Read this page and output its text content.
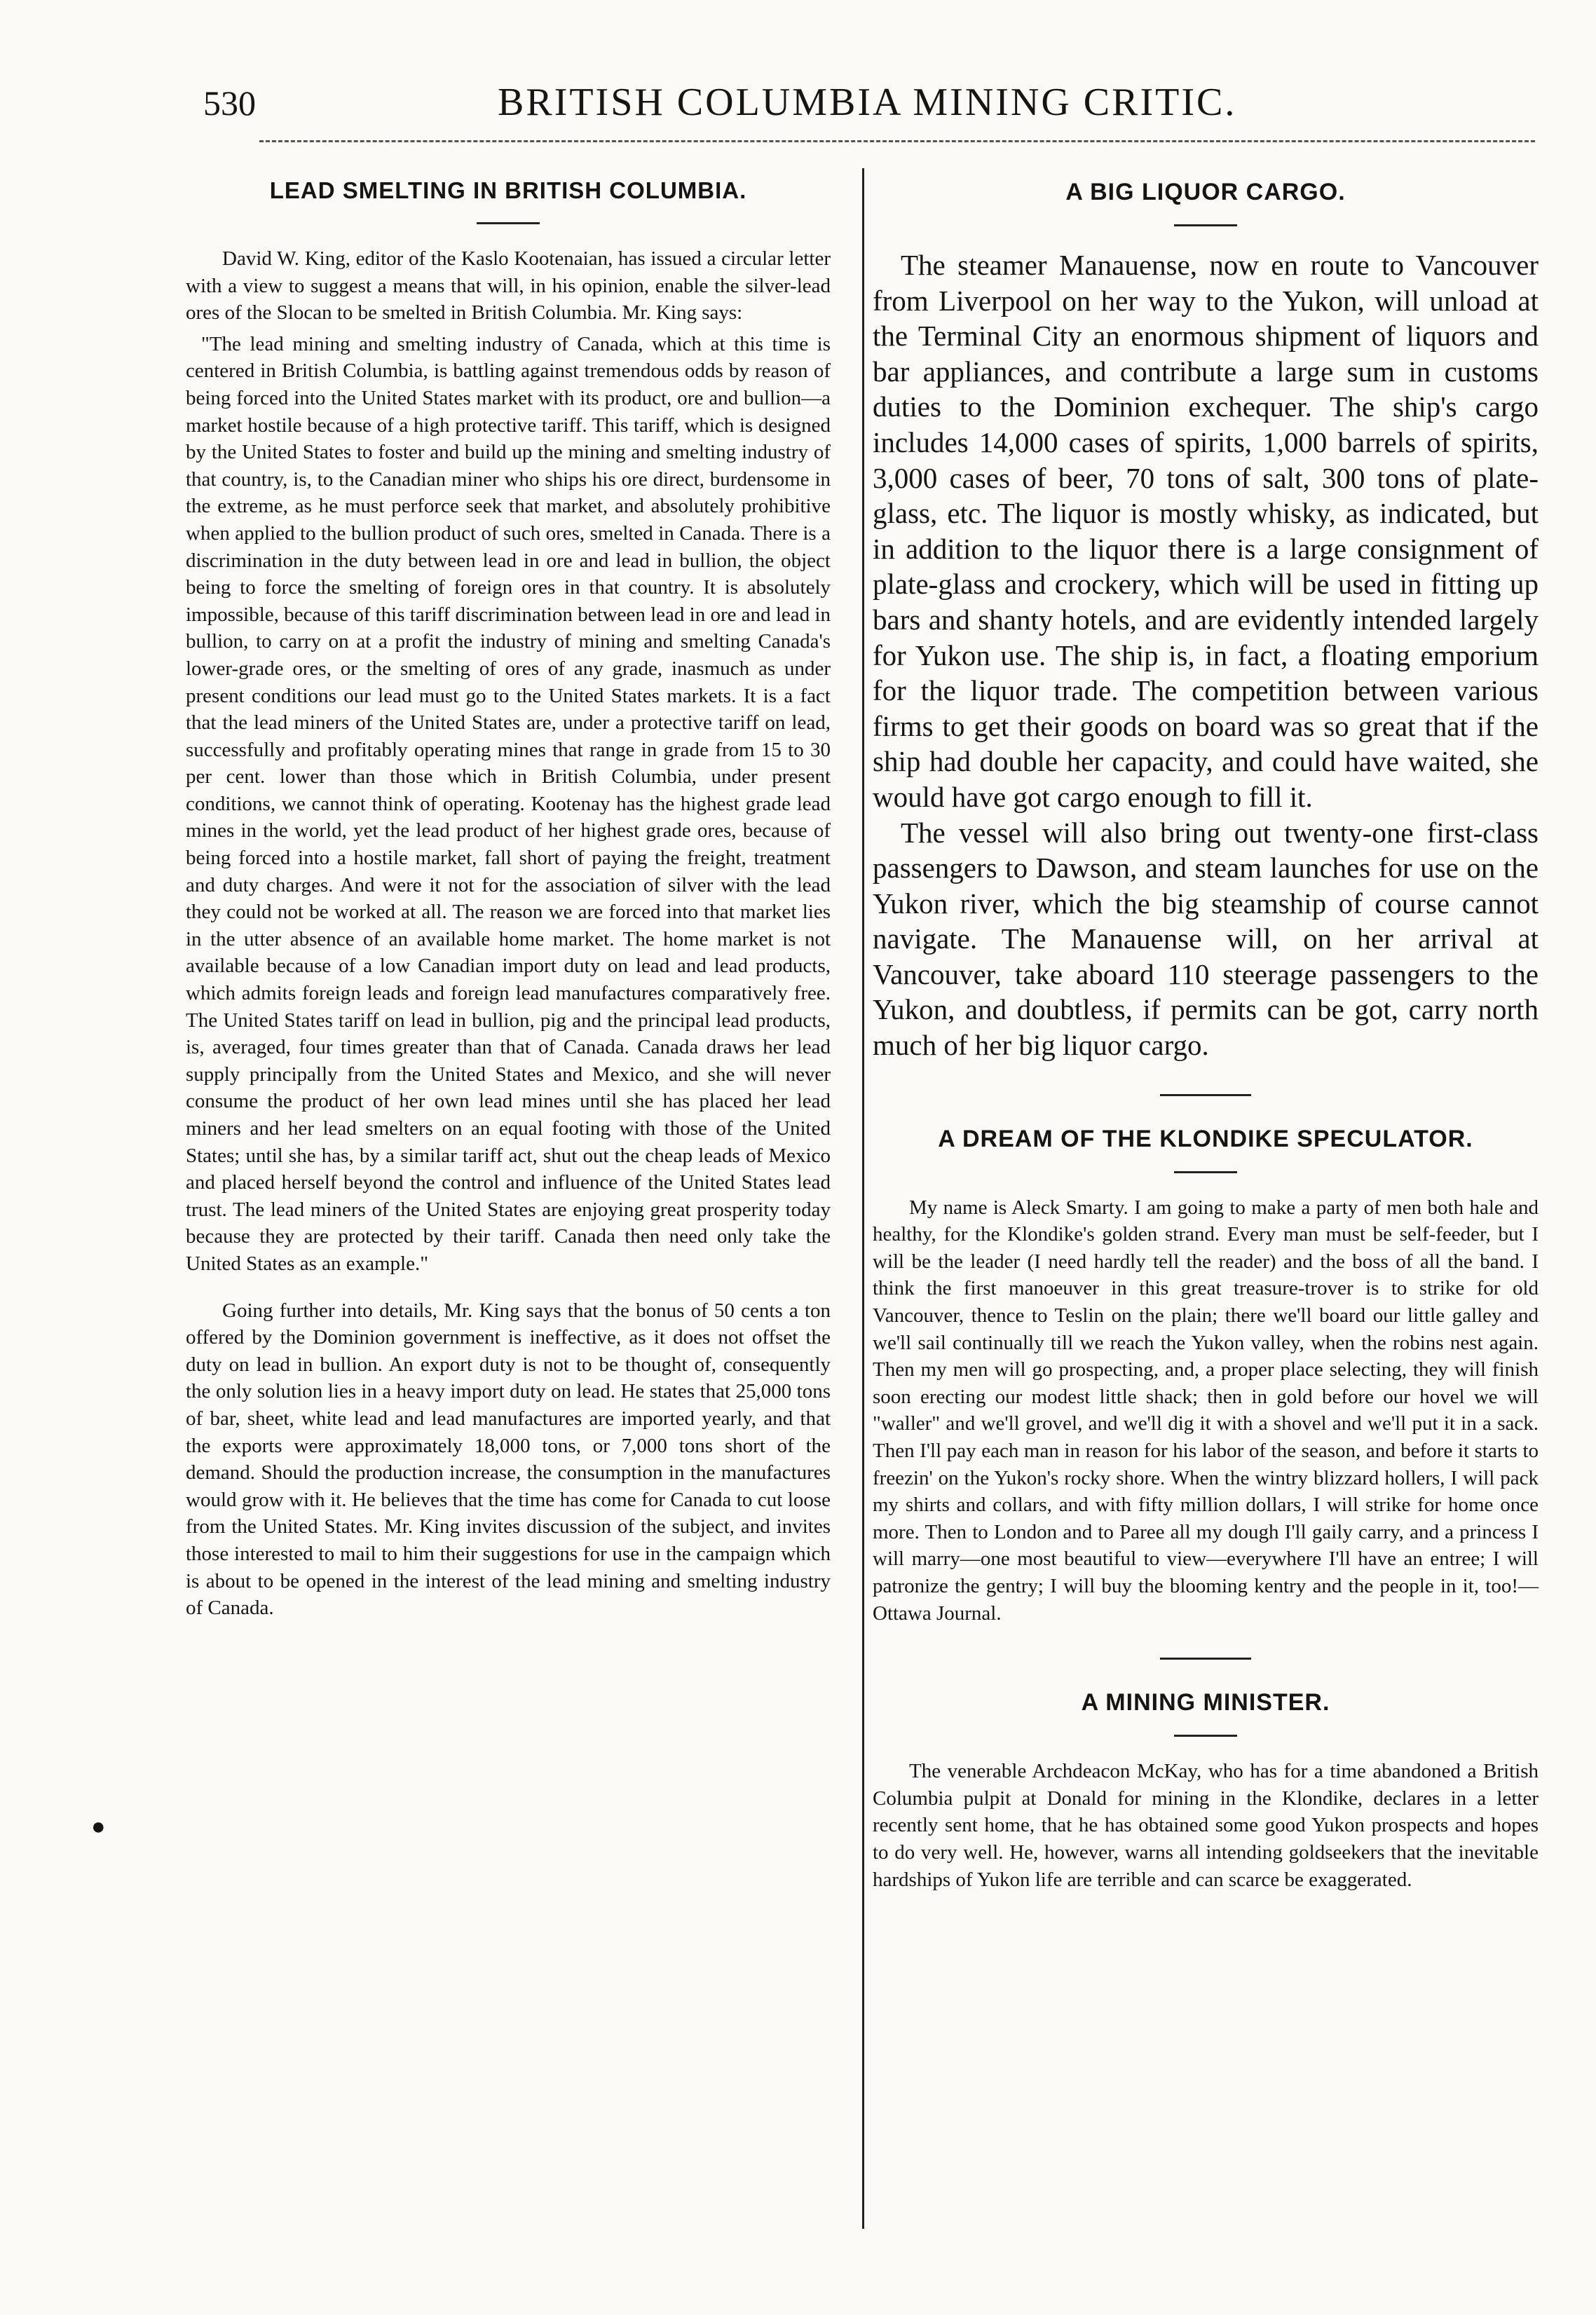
530	BRITISH COLUMBIA MINING CRITIC.
LEAD SMELTING IN BRITISH COLUMBIA.

David W. King, editor of the Kaslo Kootenaian, has issued a circular letter with a view to suggest a means that will, in his opinion, enable the silver-lead ores of the Slocan to be smelted in British Columbia. Mr. King says:

"The lead mining and smelting industry of Canada, which at this time is centered in British Columbia, is battling against tremendous odds by reason of being forced into the United States market with its product, ore and bullion—a market hostile because of a high protective tariff. This tariff, which is designed by the United States to foster and build up the mining and smelting industry of that country, is, to the Canadian miner who ships his ore direct, burdensome in the extreme, as he must perforce seek that market, and absolutely prohibitive when applied to the bullion product of such ores, smelted in Canada. There is a discrimination in the duty between lead in ore and lead in bullion, the object being to force the smelting of foreign ores in that country. It is absolutely impossible, because of this tariff discrimination between lead in ore and lead in bullion, to carry on at a profit the industry of mining and smelting Canada's lower-grade ores, or the smelting of ores of any grade, inasmuch as under present conditions our lead must go to the United States markets. It is a fact that the lead miners of the United States are, under a protective tariff on lead, successfully and profitably operating mines that range in grade from 15 to 30 per cent. lower than those which in British Columbia, under present conditions, we cannot think of operating. Kootenay has the highest grade lead mines in the world, yet the lead product of her highest grade ores, because of being forced into a hostile market, fall short of paying the freight, treatment and duty charges. And were it not for the association of silver with the lead they could not be worked at all. The reason we are forced into that market lies in the utter absence of an available home market. The home market is not available because of a low Canadian import duty on lead and lead products, which admits foreign leads and foreign lead manufactures comparatively free. The United States tariff on lead in bullion, pig and the principal lead products, is, averaged, four times greater than that of Canada. Canada draws her lead supply principally from the United States and Mexico, and she will never consume the product of her own lead mines until she has placed her lead miners and her lead smelters on an equal footing with those of the United States; until she has, by a similar tariff act, shut out the cheap leads of Mexico and placed herself beyond the control and influence of the United States lead trust. The lead miners of the United States are enjoying great prosperity today because they are protected by their tariff. Canada then need only take the United States as an example."

Going further into details, Mr. King says that the bonus of 50 cents a ton offered by the Dominion government is ineffective, as it does not offset the duty on lead in bullion. An export duty is not to be thought of, consequently the only solution lies in a heavy import duty on lead. He states that 25,000 tons of bar, sheet, white lead and lead manufactures are imported yearly, and that the exports were approximately 18,000 tons, or 7,000 tons short of the demand. Should the production increase, the consumption in the manufactures would grow with it. He believes that the time has come for Canada to cut loose from the United States. Mr. King invites discussion of the subject, and invites those interested to mail to him their suggestions for use in the campaign which is about to be opened in the interest of the lead mining and smelting industry of Canada.

A BIG LIQUOR CARGO.

The steamer Manauense, now en route to Vancouver from Liverpool on her way to the Yukon, will unload at the Terminal City an enormous shipment of liquors and bar appliances, and contribute a large sum in customs duties to the Dominion exchequer. The ship's cargo includes 14,000 cases of spirits, 1,000 barrels of spirits, 3,000 cases of beer, 70 tons of salt, 300 tons of plate-glass, etc. The liquor is mostly whisky, as indicated, but in addition to the liquor there is a large consignment of plate-glass and crockery, which will be used in fitting up bars and shanty hotels, and are evidently intended largely for Yukon use. The ship is, in fact, a floating emporium for the liquor trade. The competition between various firms to get their goods on board was so great that if the ship had double her capacity, and could have waited, she would have got cargo enough to fill it.

The vessel will also bring out twenty-one first-class passengers to Dawson, and steam launches for use on the Yukon river, which the big steamship of course cannot navigate. The Manauense will, on her arrival at Vancouver, take aboard 110 steerage passengers to the Yukon, and doubtless, if permits can be got, carry north much of her big liquor cargo.

A DREAM OF THE KLONDIKE SPECULATOR.

My name is Aleck Smarty. I am going to make a party of men both hale and healthy, for the Klondike's golden strand. Every man must be self-feeder, but I will be the leader (I need hardly tell the reader) and the boss of all the band. I think the first manoeuver in this great treasure-trover is to strike for old Vancouver, thence to Teslin on the plain; there we'll board our little galley and we'll sail continually till we reach the Yukon valley, when the robins nest again. Then my men will go prospecting, and, a proper place selecting, they will finish soon erecting our modest little shack; then in gold before our hovel we will "waller" and we'll grovel, and we'll dig it with a shovel and we'll put it in a sack. Then I'll pay each man in reason for his labor of the season, and before it starts to freezin' on the Yukon's rocky shore. When the wintry blizzard hollers, I will pack my shirts and collars, and with fifty million dollars, I will strike for home once more. Then to London and to Paree all my dough I'll gaily carry, and a princess I will marry—one most beautiful to view—everywhere I'll have an entree; I will patronize the gentry; I will buy the blooming kentry and the people in it, too!—Ottawa Journal.

A MINING MINISTER.

The venerable Archdeacon McKay, who has for a time abandoned a British Columbia pulpit at Donald for mining in the Klondike, declares in a letter recently sent home, that he has obtained some good Yukon prospects and hopes to do very well. He, however, warns all intending goldseekers that the inevitable hardships of Yukon life are terrible and can scarce be exaggerated.

●
